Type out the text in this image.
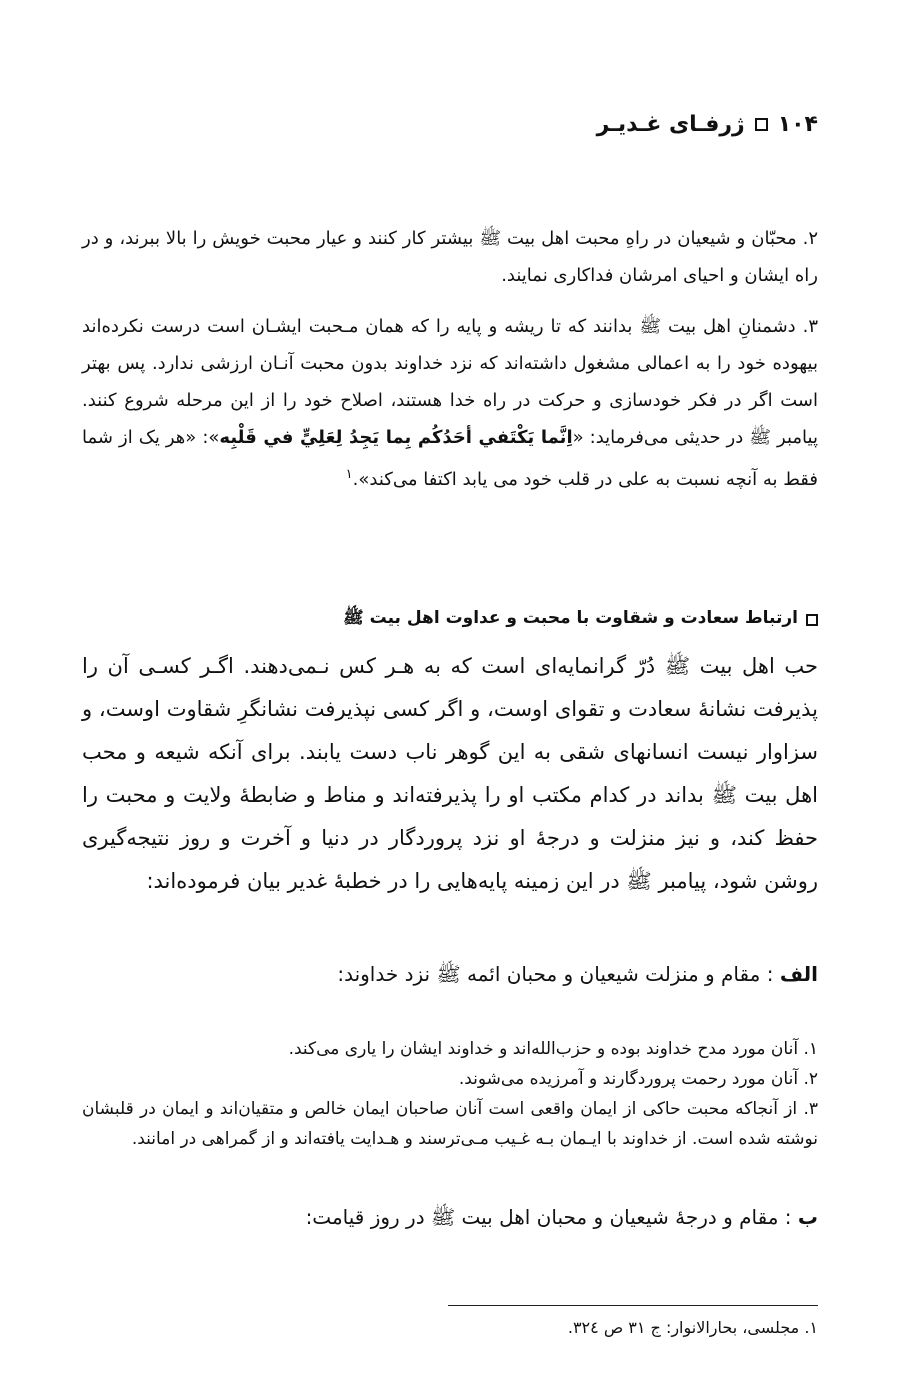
۱۰۴
ژرفـای غـدیـر

۲. محبّان و شیعیان در راهِ محبت اهل بیت ﷺ بیشتر کار کنند و عیار محبت خویش را بالا ببرند، و در راه ایشان و احیای امرشان فداکاری نمایند.

۳. دشمنانِ اهل بیت ﷺ بدانند که تا ریشه و پایه را که همان مـحبت ایشـان است درست نکرده‌اند بیهوده خود را به اعمالی مشغول داشته‌اند که نزد خداوند بدون محبت آنـان ارزشی ندارد. پس بهتر است اگر در فکر خودسازی و حرکت در راه خدا هستند، اصلاح خود را از این مرحله شروع کنند. پیامبر ﷺ در حدیثی می‌فرماید: «اِنَّما يَكْتَفي أحَدُكُم بِما يَجِدُ لِعَلِيٍّ في قَلْبِه»: «هر یک از شما فقط به آنچه نسبت به علی در قلب خود می یابد اکتفا می‌کند».$^۱$

ارتباط سعادت و شقاوت با محبت و عداوت اهل بیت ﷺ

حب اهل بیت ﷺ دُرّ گرانمایه‌ای است که به هـر کس نـمی‌دهند. اگـر کسـی آن را پذیرفت نشانهٔ سعادت و تقوای اوست، و اگر کسی نپذیرفت نشانگرِ شقاوت اوست، و سزاوار نیست انسانهای شقی به این گوهر ناب دست یابند. برای آنکه شیعه و محب اهل بیت ﷺ بداند در کدام مکتب او را پذیرفته‌اند و مناط و ضابطهٔ ولایت و محبت را حفظ کند، و نیز منزلت و درجهٔ او نزد پروردگار در دنیا و آخرت و روز نتیجه‌گیری روشن شود، پیامبر ﷺ در این زمینه پایه‌هایی را در خطبهٔ غدیر بیان فرموده‌اند:

الف : مقام و منزلت شیعیان و محبان ائمه ﷺ نزد خداوند:

۱. آنان مورد مدح خداوند بوده و حزب‌الله‌اند و خداوند ایشان را یاری می‌کند.

۲. آنان مورد رحمت پروردگارند و آمرزیده می‌شوند.

۳. از آنجاکه محبت حاکی از ایمان واقعی است آنان صاحبان ایمان خالص و متقیان‌اند و ایمان در قلبشان نوشته شده است. از خداوند با ایـمان بـه غـیب مـی‌ترسند و هـدایت یافته‌اند و از گمراهی در امانند.

ب : مقام و درجهٔ شیعیان و محبان اهل بیت ﷺ در روز قیامت:
۱. مجلسی، بحارالانوار: ج ۳۱ ص ۳۲٤.
